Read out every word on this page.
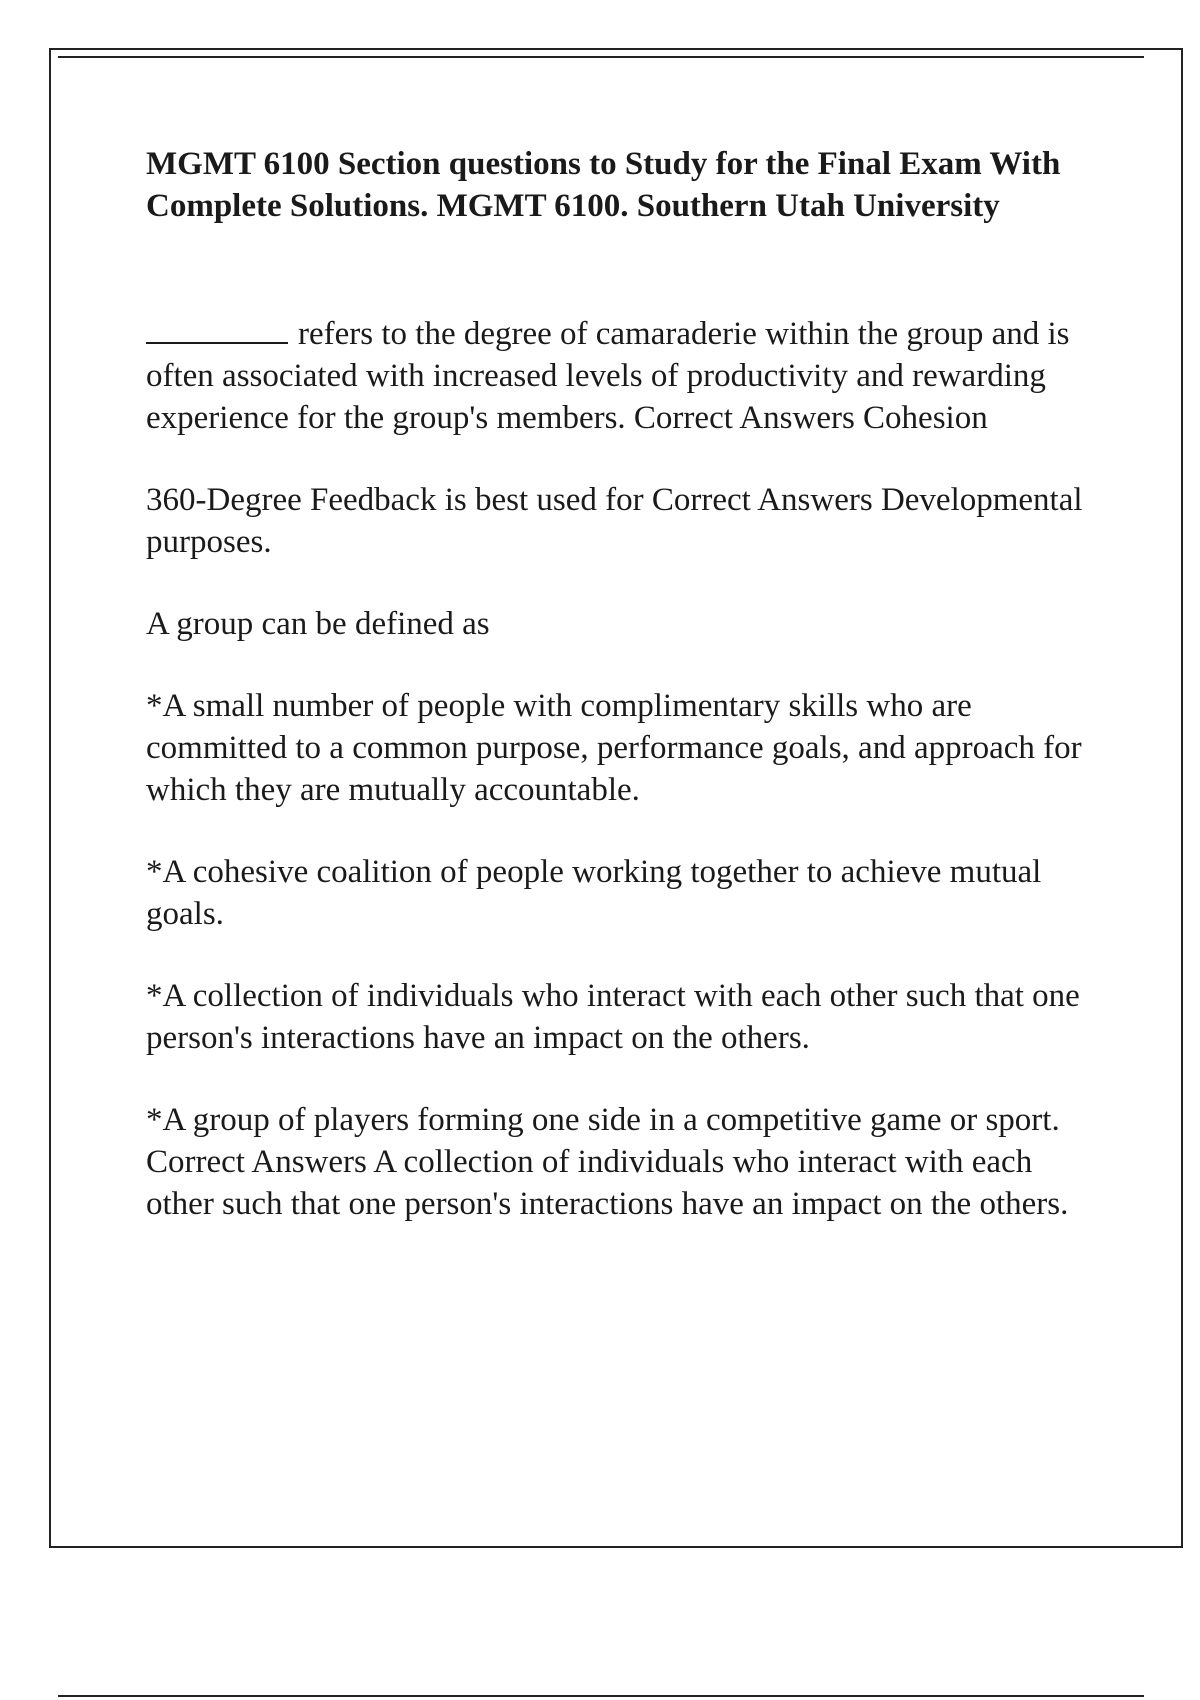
MGMT 6100 Section questions to Study for the Final Exam With Complete Solutions. MGMT 6100. Southern Utah University

refers to the degree of camaraderie within the group and is often associated with increased levels of productivity and rewarding experience for the group's members. Correct Answers Cohesion

360-Degree Feedback is best used for Correct Answers Developmental purposes.

A group can be defined as

*A small number of people with complimentary skills who are committed to a common purpose, performance goals, and approach for which they are mutually accountable.

*A cohesive coalition of people working together to achieve mutual goals.

*A collection of individuals who interact with each other such that one person's interactions have an impact on the others.

*A group of players forming one side in a competitive game or sport. Correct Answers A collection of individuals who interact with each other such that one person's interactions have an impact on the others.
